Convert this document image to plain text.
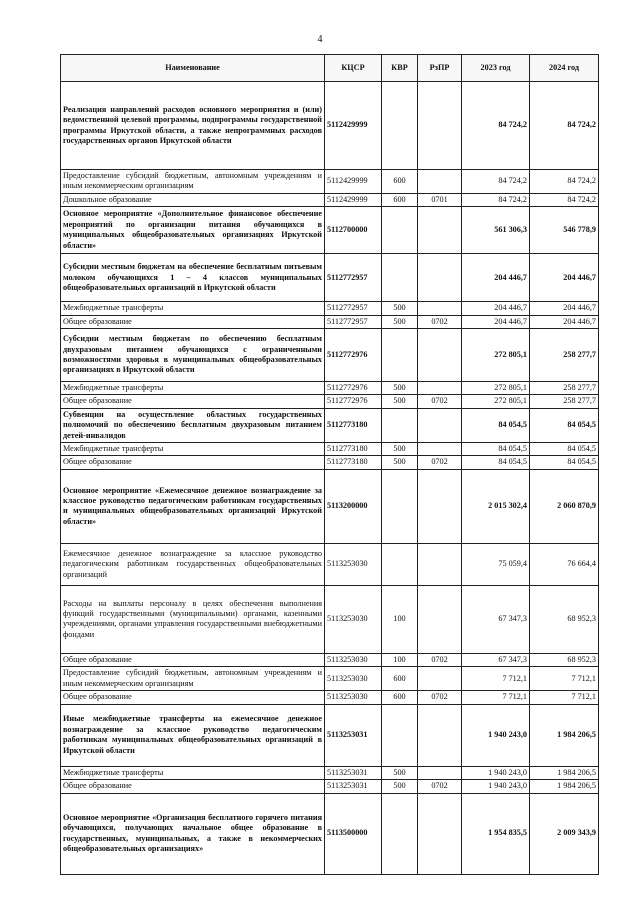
4
Наименование	КЦСР	КВР	РзПР	2023 год	2024 год
Реализация направлений расходов основного мероприятия и (или) ведомственной целевой программы, подпрограммы государственной программы Иркутской области, а также непрограммных расходов государственных органов Иркутской области	5112429999			84 724,2	84 724,2
Предоставление субсидий бюджетным, автономным учреждениям и иным некоммерческим организациям	5112429999	600		84 724,2	84 724,2
Дошкольное образование	5112429999	600	0701	84 724,2	84 724,2
Основное мероприятие «Дополнительное финансовое обеспечение мероприятий по организации питания обучающихся в муниципальных общеобразовательных организациях Иркутской области»	5112700000			561 306,3	546 778,9
Субсидии местным бюджетам на обеспечение бесплатным питьевым молоком обучающихся 1 – 4 классов муниципальных общеобразовательных организаций в Иркутской области	5112772957			204 446,7	204 446,7
Межбюджетные трансферты	5112772957	500		204 446,7	204 446,7
Общее образование	5112772957	500	0702	204 446,7	204 446,7
Субсидии местным бюджетам по обеспечению бесплатным двухразовым питанием обучающихся с ограниченными возможностями здоровья в муниципальных общеобразовательных организациях в Иркутской области	5112772976			272 805,1	258 277,7
Межбюджетные трансферты	5112772976	500		272 805,1	258 277,7
Общее образование	5112772976	500	0702	272 805,1	258 277,7
Субвенции на осуществление областных государственных полномочий по обеспечению бесплатным двухразовым питанием детей-инвалидов	5112773180			84 054,5	84 054,5
Межбюджетные трансферты	5112773180	500		84 054,5	84 054,5
Общее образование	5112773180	500	0702	84 054,5	84 054,5
Основное мероприятие «Ежемесячное денежное вознаграждение за классное руководство педагогическим работникам государственных и муниципальных общеобразовательных организаций Иркутской области»	5113200000			2 015 302,4	2 060 870,9
Ежемесячное денежное вознаграждение за классное руководство педагогическим работникам государственных общеобразовательных организаций	5113253030			75 059,4	76 664,4
Расходы на выплаты персоналу в целях обеспечения выполнения функций государственными (муниципальными) органами, казенными учреждениями, органами управления государственными внебюджетными фондами	5113253030	100		67 347,3	68 952,3
Общее образование	5113253030	100	0702	67 347,3	68 952,3
Предоставление субсидий бюджетным, автономным учреждениям и иным некоммерческим организациям	5113253030	600		7 712,1	7 712,1
Общее образование	5113253030	600	0702	7 712,1	7 712,1
Иные межбюджетные трансферты на ежемесячное денежное вознаграждение за классное руководство педагогическим работникам муниципальных общеобразовательных организаций в Иркутской области	5113253031			1 940 243,0	1 984 206,5
Межбюджетные трансферты	5113253031	500		1 940 243,0	1 984 206,5
Общее образование	5113253031	500	0702	1 940 243,0	1 984 206,5
Основное мероприятие «Организация бесплатного горячего питания обучающихся, получающих начальное общее образование в государственных, муниципальных, а также в некоммерческих общеобразовательных организациях»	5113500000			1 954 835,5	2 009 343,9
